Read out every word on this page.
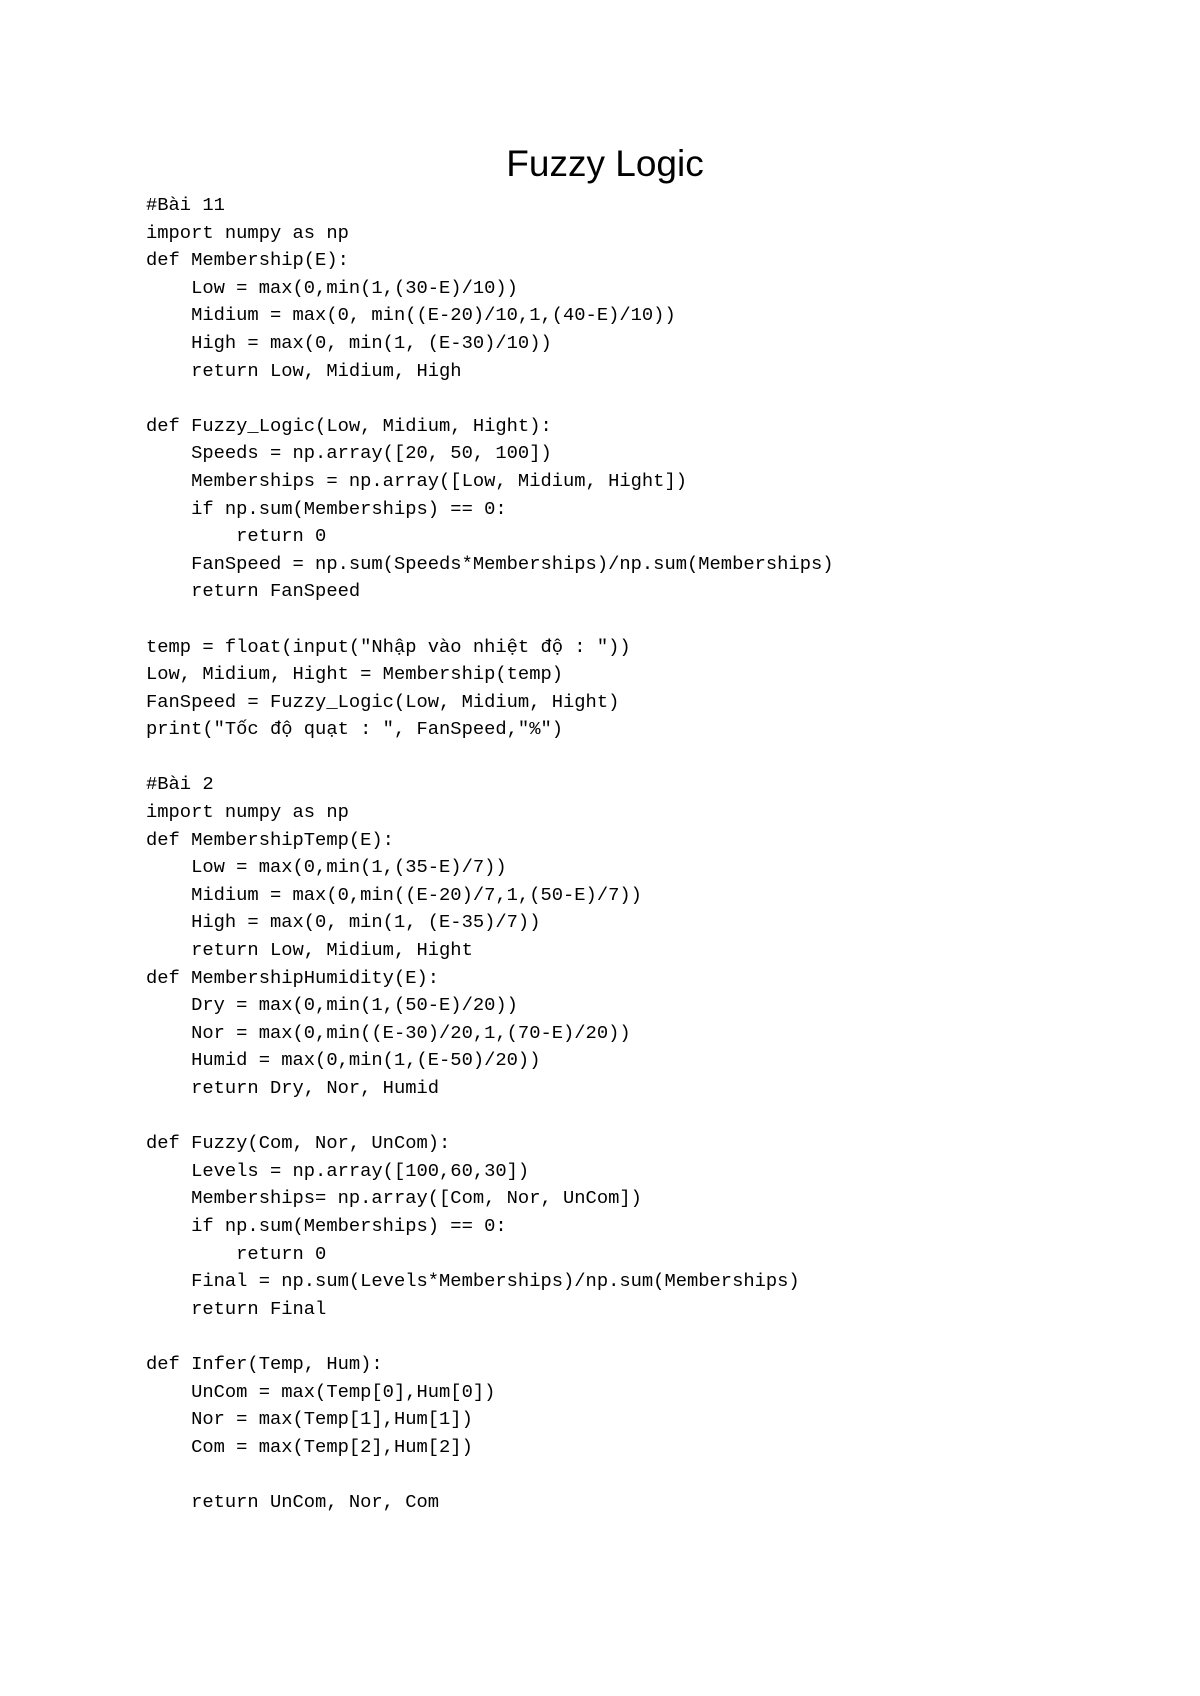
Fuzzy Logic
#Bài 11
import numpy as np
def Membership(E):
Low = max(0,min(1,(30-E)/10))
Midium = max(0, min((E-20)/10,1,(40-E)/10))
High = max(0, min(1, (E-30)/10))
return Low, Midium, High
def Fuzzy_Logic(Low, Midium, Hight):
Speeds = np.array([20, 50, 100])
Memberships = np.array([Low, Midium, Hight])
if np.sum(Memberships) == 0:
return 0
FanSpeed = np.sum(Speeds*Memberships)/np.sum(Memberships)
return FanSpeed
temp = float(input("Nhập vào nhiệt độ : "))
Low, Midium, Hight = Membership(temp)
FanSpeed = Fuzzy_Logic(Low, Midium, Hight)
print("Tốc độ quạt : ", FanSpeed,"%")
#Bài 2
import numpy as np
def MembershipTemp(E):
Low = max(0,min(1,(35-E)/7))
Midium = max(0,min((E-20)/7,1,(50-E)/7))
High = max(0, min(1, (E-35)/7))
return Low, Midium, Hight
def MembershipHumidity(E):
Dry = max(0,min(1,(50-E)/20))
Nor = max(0,min((E-30)/20,1,(70-E)/20))
Humid = max(0,min(1,(E-50)/20))
return Dry, Nor, Humid
def Fuzzy(Com, Nor, UnCom):
Levels = np.array([100,60,30])
Memberships= np.array([Com, Nor, UnCom])
if np.sum(Memberships) == 0:
return 0
Final = np.sum(Levels*Memberships)/np.sum(Memberships)
return Final
def Infer(Temp, Hum):
UnCom = max(Temp[0],Hum[0])
Nor = max(Temp[1],Hum[1])
Com = max(Temp[2],Hum[2])
return UnCom, Nor, Com
